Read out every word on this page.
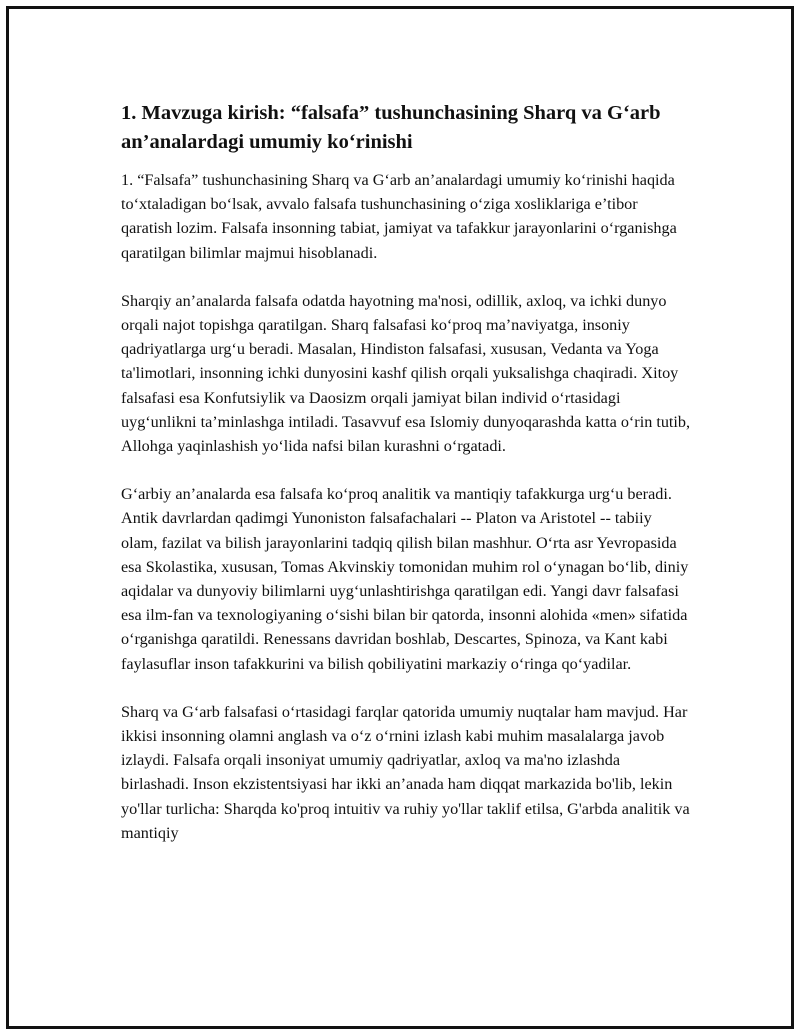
1. Mavzuga kirish: “falsafa” tushunchasining Sharq va G‘arb an’analardagi umumiy ko‘rinishi

1. “Falsafa” tushunchasining Sharq va G‘arb an’analardagi umumiy ko‘rinishi haqida to‘xtaladigan bo‘lsak, avvalo falsafa tushunchasining o‘ziga xosliklariga e’tibor qaratish lozim. Falsafa insonning tabiat, jamiyat va tafakkur jarayonlarini o‘rganishga qaratilgan bilimlar majmui hisoblanadi.

Sharqiy an’analarda falsafa odatda hayotning ma'nosi, odillik, axloq, va ichki dunyo orqali najot topishga qaratilgan. Sharq falsafasi ko‘proq ma’naviyatga, insoniy qadriyatlarga urg‘u beradi. Masalan, Hindiston falsafasi, xususan, Vedanta va Yoga ta'limotlari, insonning ichki dunyosini kashf qilish orqali yuksalishga chaqiradi. Xitoy falsafasi esa Konfutsiylik va Daosizm orqali jamiyat bilan individ o‘rtasidagi uyg‘unlikni ta’minlashga intiladi. Tasavvuf esa Islomiy dunyoqarashda katta o‘rin tutib, Allohga yaqinlashish yo‘lida nafsi bilan kurashni o‘rgatadi.

G‘arbiy an’analarda esa falsafa ko‘proq analitik va mantiqiy tafakkurga urg‘u beradi. Antik davrlardan qadimgi Yunoniston falsafachalari -- Platon va Aristotel -- tabiiy olam, fazilat va bilish jarayonlarini tadqiq qilish bilan mashhur. O‘rta asr Yevropasida esa Skolastika, xususan, Tomas Akvinskiy tomonidan muhim rol o‘ynagan bo‘lib, diniy aqidalar va dunyoviy bilimlarni uyg‘unlashtirishga qaratilgan edi. Yangi davr falsafasi esa ilm-fan va texnologiyaning o‘sishi bilan bir qatorda, insonni alohida «men» sifatida o‘rganishga qaratildi. Renessans davridan boshlab, Descartes, Spinoza, va Kant kabi faylasuflar inson tafakkurini va bilish qobiliyatini markaziy o‘ringa qo‘yadilar.

Sharq va G‘arb falsafasi o‘rtasidagi farqlar qatorida umumiy nuqtalar ham mavjud. Har ikkisi insonning olamni anglash va o‘z o‘rnini izlash kabi muhim masalalarga javob izlaydi. Falsafa orqali insoniyat umumiy qadriyatlar, axloq va ma'no izlashda birlashadi. Inson ekzistentsiyasi har ikki an’anada ham diqqat markazida bo'lib, lekin yo'llar turlicha: Sharqda ko'proq intuitiv va ruhiy yo'llar taklif etilsa, G'arbda analitik va mantiqiy
